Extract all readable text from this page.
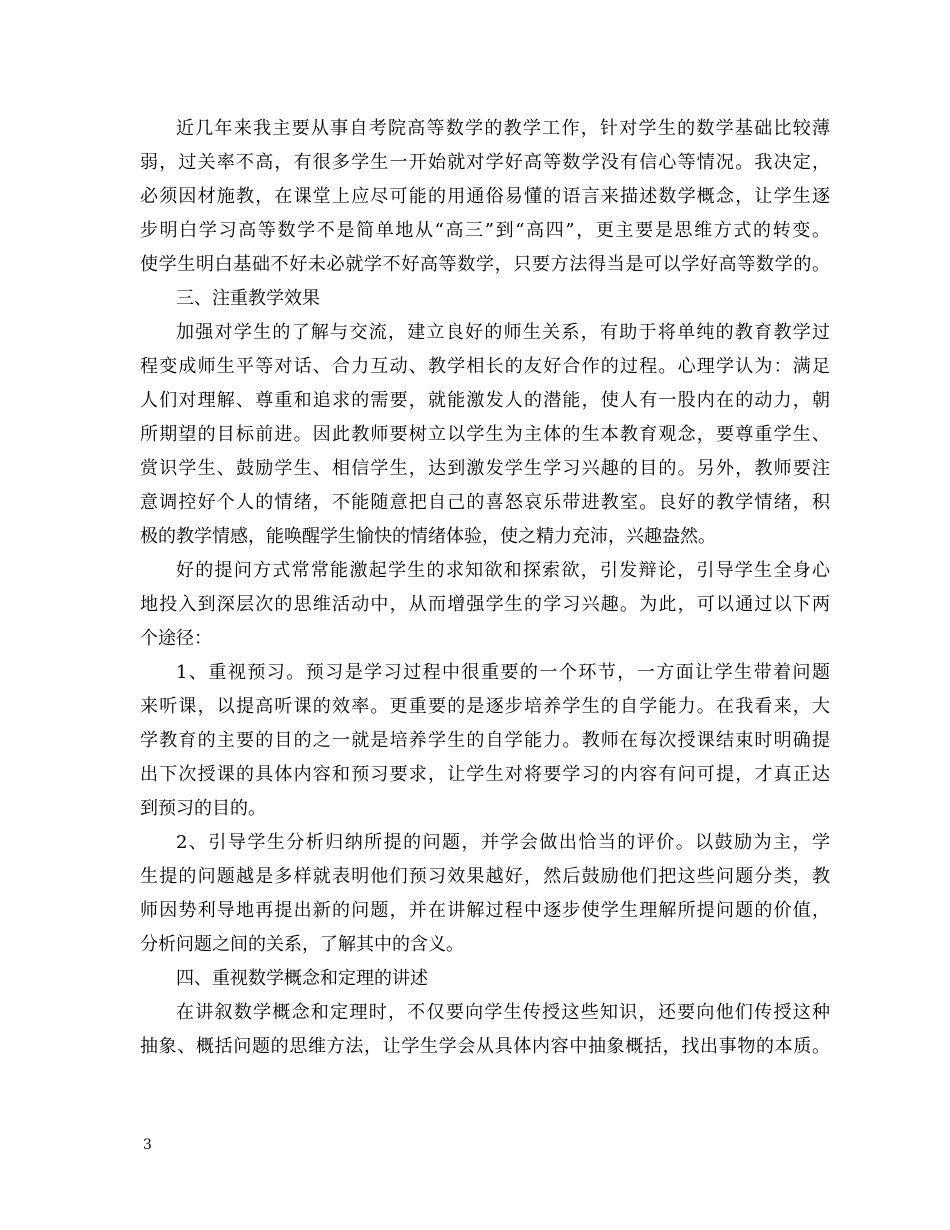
近几年来我主要从事自考院高等数学的教学工作，针对学生的数学基础比较薄
弱，过关率不高，有很多学生一开始就对学好高等数学没有信心等情况。我决定，
必须因材施教，在课堂上应尽可能的用通俗易懂的语言来描述数学概念，让学生逐
步明白学习高等数学不是简单地从“高三”到“高四”，更主要是思维方式的转变。
使学生明白基础不好未必就学不好高等数学，只要方法得当是可以学好高等数学的。
三、注重教学效果
加强对学生的了解与交流，建立良好的师生关系，有助于将单纯的教育教学过
程变成师生平等对话、合力互动、教学相长的友好合作的过程。心理学认为：满足
人们对理解、尊重和追求的需要，就能激发人的潜能，使人有一股内在的动力，朝
所期望的目标前进。因此教师要树立以学生为主体的生本教育观念，要尊重学生、
赏识学生、鼓励学生、相信学生，达到激发学生学习兴趣的目的。另外，教师要注
意调控好个人的情绪，不能随意把自己的喜怒哀乐带进教室。良好的教学情绪，积
极的教学情感，能唤醒学生愉快的情绪体验，使之精力充沛，兴趣盎然。
好的提问方式常常能激起学生的求知欲和探索欲，引发辩论，引导学生全身心
地投入到深层次的思维活动中，从而增强学生的学习兴趣。为此，可以通过以下两
个途径：
1、重视预习。预习是学习过程中很重要的一个环节，一方面让学生带着问题
来听课，以提高听课的效率。更重要的是逐步培养学生的自学能力。在我看来，大
学教育的主要的目的之一就是培养学生的自学能力。教师在每次授课结束时明确提
出下次授课的具体内容和预习要求，让学生对将要学习的内容有问可提，才真正达
到预习的目的。
2、引导学生分析归纳所提的问题，并学会做出恰当的评价。以鼓励为主，学
生提的问题越是多样就表明他们预习效果越好，然后鼓励他们把这些问题分类，教
师因势利导地再提出新的问题，并在讲解过程中逐步使学生理解所提问题的价值，
分析问题之间的关系，了解其中的含义。
四、重视数学概念和定理的讲述
在讲叙数学概念和定理时，不仅要向学生传授这些知识，还要向他们传授这种
抽象、概括问题的思维方法，让学生学会从具体内容中抽象概括，找出事物的本质。
3
